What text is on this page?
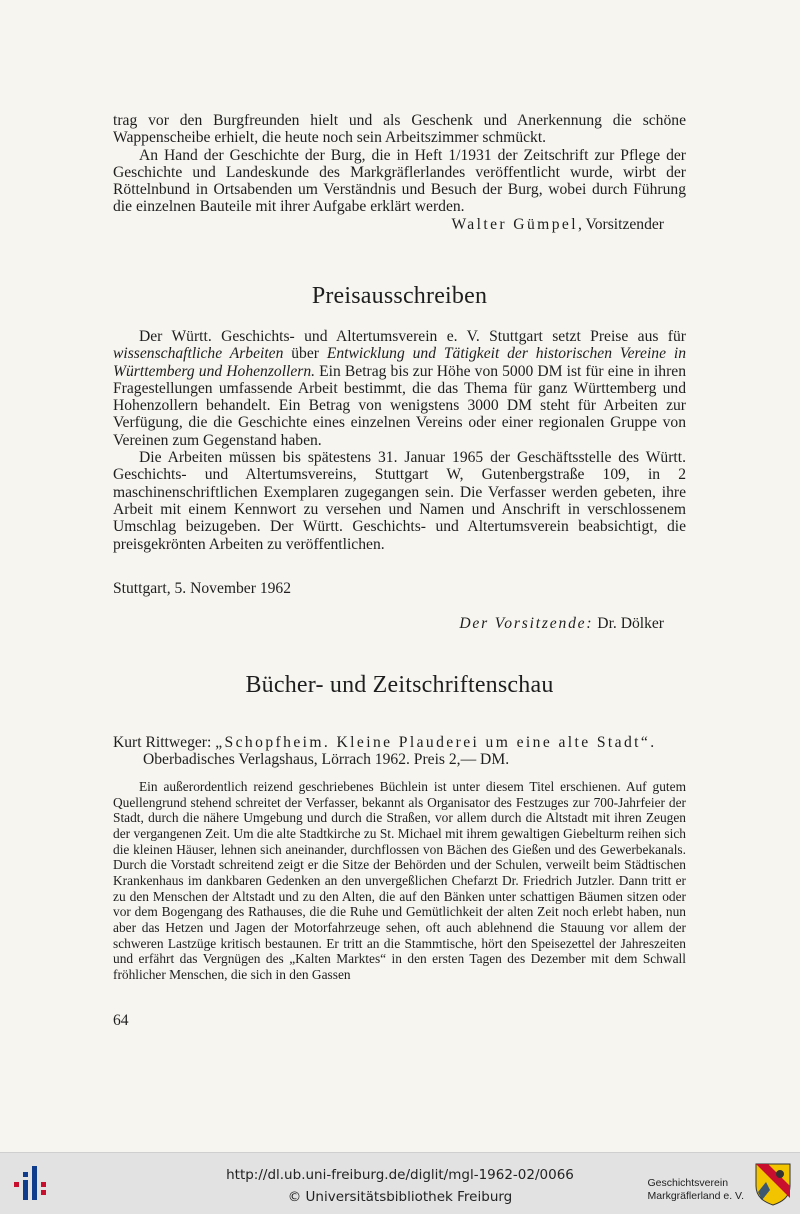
trag vor den Burgfreunden hielt und als Geschenk und Anerkennung die schöne Wappenscheibe erhielt, die heute noch sein Arbeitszimmer schmückt.

An Hand der Geschichte der Burg, die in Heft 1/1931 der Zeitschrift zur Pflege der Geschichte und Landeskunde des Markgräflerlandes veröffentlicht wurde, wirbt der Röttelnbund in Ortsabenden um Verständnis und Besuch der Burg, wobei durch Führung die einzelnen Bauteile mit ihrer Aufgabe erklärt werden.

Walter Gümpel, Vorsitzender

Preisausschreiben

Der Württ. Geschichts- und Altertumsverein e. V. Stuttgart setzt Preise aus für wissenschaftliche Arbeiten über Entwicklung und Tätigkeit der historischen Vereine in Württemberg und Hohenzollern. Ein Betrag bis zur Höhe von 5000 DM ist für eine in ihren Fragestellungen umfassende Arbeit bestimmt, die das Thema für ganz Württemberg und Hohenzollern behandelt. Ein Betrag von wenigstens 3000 DM steht für Arbeiten zur Verfügung, die die Geschichte eines einzelnen Vereins oder einer regionalen Gruppe von Vereinen zum Gegenstand haben.

Die Arbeiten müssen bis spätestens 31. Januar 1965 der Geschäftsstelle des Württ. Geschichts- und Altertumsvereins, Stuttgart W, Gutenbergstraße 109, in 2 maschinenschriftlichen Exemplaren zugegangen sein. Die Verfasser werden gebeten, ihre Arbeit mit einem Kennwort zu versehen und Namen und Anschrift in verschlossenem Umschlag beizugeben. Der Württ. Geschichts- und Altertumsverein beabsichtigt, die preisgekrönten Arbeiten zu veröffentlichen.

Stuttgart, 5. November 1962

Der Vorsitzende: Dr. Dölker

Bücher- und Zeitschriftenschau

Kurt Rittweger: „Schopfheim. Kleine Plauderei um eine alte Stadt“. Oberbadisches Verlagshaus, Lörrach 1962. Preis 2,— DM.

Ein außerordentlich reizend geschriebenes Büchlein ist unter diesem Titel erschienen. Auf gutem Quellengrund stehend schreitet der Verfasser, bekannt als Organisator des Festzuges zur 700-Jahrfeier der Stadt, durch die nähere Umgebung und durch die Straßen, vor allem durch die Altstadt mit ihren Zeugen der vergangenen Zeit. Um die alte Stadtkirche zu St. Michael mit ihrem gewaltigen Giebelturm reihen sich die kleinen Häuser, lehnen sich aneinander, durchflossen von Bächen des Gießen und des Gewerbekanals. Durch die Vorstadt schreitend zeigt er die Sitze der Behörden und der Schulen, verweilt beim Städtischen Krankenhaus im dankbaren Gedenken an den unvergeßlichen Chefarzt Dr. Friedrich Jutzler. Dann tritt er zu den Menschen der Altstadt und zu den Alten, die auf den Bänken unter schattigen Bäumen sitzen oder vor dem Bogengang des Rathauses, die die Ruhe und Gemütlichkeit der alten Zeit noch erlebt haben, nun aber das Hetzen und Jagen der Motorfahrzeuge sehen, oft auch ablehnend die Stauung vor allem der schweren Lastzüge kritisch bestaunen. Er tritt an die Stammtische, hört den Speisezettel der Jahreszeiten und erfährt das Vergnügen des „Kalten Marktes“ in den ersten Tagen des Dezember mit dem Schwall fröhlicher Menschen, die sich in den Gassen

64

http://dl.ub.uni-freiburg.de/diglit/mgl-1962-02/0066
© Universitätsbibliothek Freiburg
Geschichtsverein
Markgräflerland e. V.
